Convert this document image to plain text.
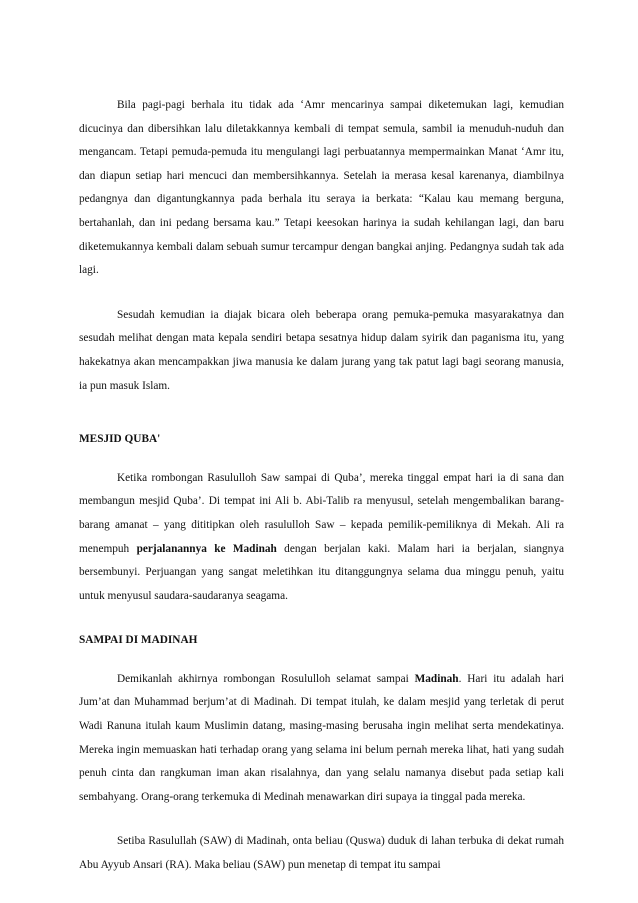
Bila pagi-pagi berhala itu tidak ada ‘Amr mencarinya sampai diketemukan lagi, kemudian dicucinya dan dibersihkan lalu diletakkannya kembali di tempat semula, sambil ia menuduh-nuduh dan mengancam. Tetapi pemuda-pemuda itu mengulangi lagi perbuatannya mempermainkan Manat ‘Amr itu, dan diapun setiap hari mencuci dan membersihkannya. Setelah ia merasa kesal karenanya, diambilnya pedangnya dan digantungkannya pada berhala itu seraya ia berkata: “Kalau kau memang berguna, bertahanlah, dan ini pedang bersama kau.” Tetapi keesokan harinya ia sudah kehilangan lagi, dan baru diketemukannya kembali dalam sebuah sumur tercampur dengan bangkai anjing. Pedangnya sudah tak ada lagi.

Sesudah kemudian ia diajak bicara oleh beberapa orang pemuka-pemuka masyarakatnya dan sesudah melihat dengan mata kepala sendiri betapa sesatnya hidup dalam syirik dan paganisma itu, yang hakekatnya akan mencampakkan jiwa manusia ke dalam jurang yang tak patut lagi bagi seorang manusia, ia pun masuk Islam.

MESJID QUBA'

Ketika rombongan Rasululloh Saw sampai di Quba’, mereka tinggal empat hari ia di sana dan membangun mesjid Quba’. Di tempat ini Ali b. Abi-Talib ra menyusul, setelah mengembalikan barang-barang amanat – yang dititipkan oleh rasululloh Saw – kepada pemilik-pemiliknya di Mekah. Ali ra menempuh perjalanannya ke Madinah dengan berjalan kaki. Malam hari ia berjalan, siangnya bersembunyi. Perjuangan yang sangat meletihkan itu ditanggungnya selama dua minggu penuh, yaitu untuk menyusul saudara-saudaranya seagama.

SAMPAI DI MADINAH

Demikanlah akhirnya rombongan Rosululloh selamat sampai Madinah. Hari itu adalah hari Jum’at dan Muhammad berjum’at di Madinah. Di tempat itulah, ke dalam mesjid yang terletak di perut Wadi Ranuna itulah kaum Muslimin datang, masing-masing berusaha ingin melihat serta mendekatinya. Mereka ingin memuaskan hati terhadap orang yang selama ini belum pernah mereka lihat, hati yang sudah penuh cinta dan rangkuman iman akan risalahnya, dan yang selalu namanya disebut pada setiap kali sembahyang. Orang-orang terkemuka di Medinah menawarkan diri supaya ia tinggal pada mereka.

Setiba Rasulullah (SAW) di Madinah, onta beliau (Quswa) duduk di lahan terbuka di dekat rumah Abu Ayyub Ansari (RA). Maka beliau (SAW) pun menetap di tempat itu sampai
